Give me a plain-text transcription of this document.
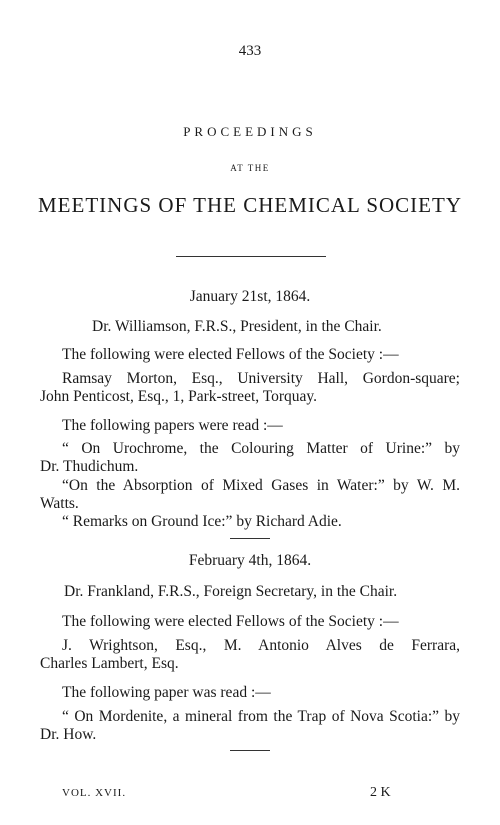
433
PROCEEDINGS
AT THE
MEETINGS OF THE CHEMICAL SOCIETY
January 21st, 1864.
Dr. Williamson, F.R.S., President, in the Chair.
The following were elected Fellows of the Society :—
Ramsay Morton, Esq., University Hall, Gordon-square;
John Penticost, Esq., 1, Park-street, Torquay.
The following papers were read :—
“ On Urochrome, the Colouring Matter of Urine:” by
Dr. Thudichum.
“On the Absorption of Mixed Gases in Water:” by W. M.
Watts.
“ Remarks on Ground Ice:” by Richard Adie.
February 4th, 1864.
Dr. Frankland, F.R.S., Foreign Secretary, in the Chair.
The following were elected Fellows of the Society :—
J. Wrightson, Esq., M. Antonio Alves de Ferrara,
Charles Lambert, Esq.
The following paper was read :—
“ On Mordenite, a mineral from the Trap of Nova Scotia:” by
Dr. How.
VOL. XVII.	2 K
